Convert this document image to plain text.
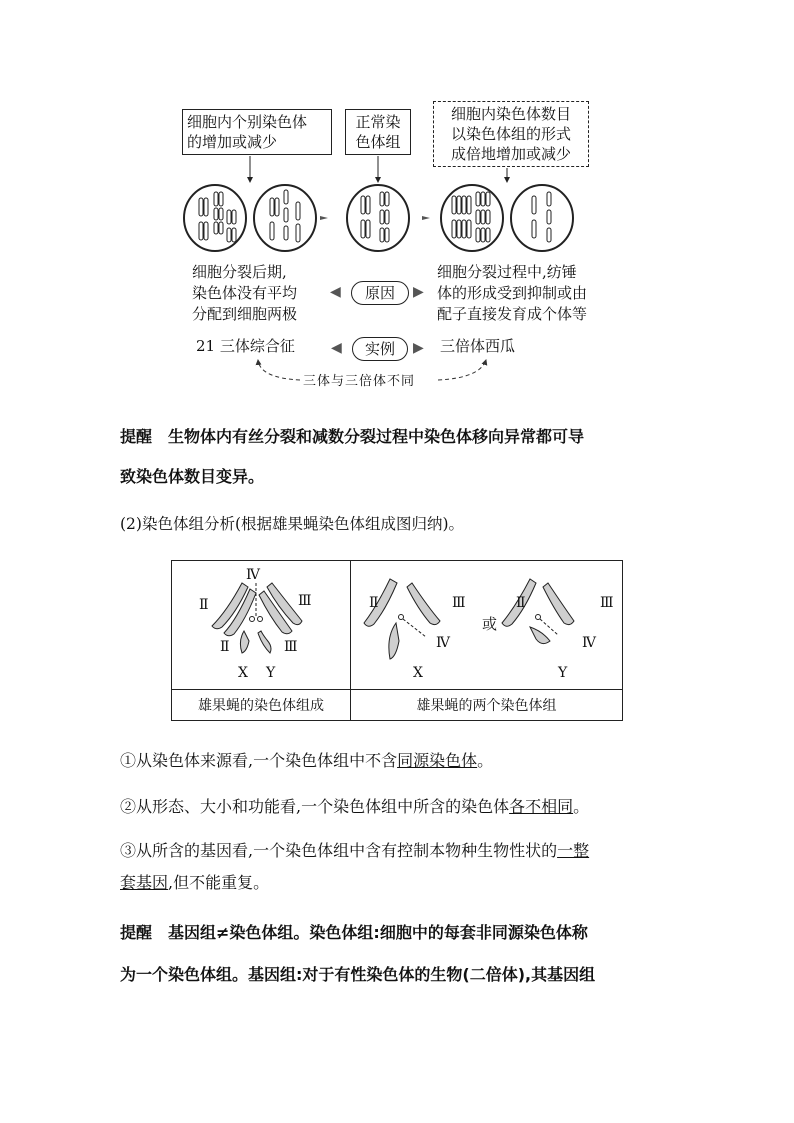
细胞内个别染色体
的增加或减少
正常染
色体组
细胞内染色体数目
以染色体组的形式
成倍地增加或减少
细胞分裂后期,
染色体没有平均
分配到细胞两极
◀	原因	▶
细胞分裂过程中,纺锤
体的形成受到抑制或由
配子直接发育成个体等
21 三体综合征	◀	实例	▶ 三倍体西瓜
三体与三倍体不同
提醒 生物体内有丝分裂和减数分裂过程中染色体移向异常都可导
致染色体数目变异。
(2)染色体组分析(根据雄果蝇染色体组成图归纳)。
Ⅳ
Ⅱ	Ⅲ
Ⅱ	Ⅲ
X Y
Ⅱ	Ⅲ
Ⅳ
X
或
Ⅱ	Ⅲ
Ⅳ
Y
雄果蝇的染色体组成	雄果蝇的两个染色体组
①从染色体来源看,一个染色体组中不含同源染色体。
②从形态、大小和功能看,一个染色体组中所含的染色体各不相同。
③从所含的基因看,一个染色体组中含有控制本物种生物性状的一整
套基因,但不能重复。
提醒 基因组≠染色体组。染色体组:细胞中的每套非同源染色体称
为一个染色体组。基因组:对于有性染色体的生物(二倍体),其基因组
